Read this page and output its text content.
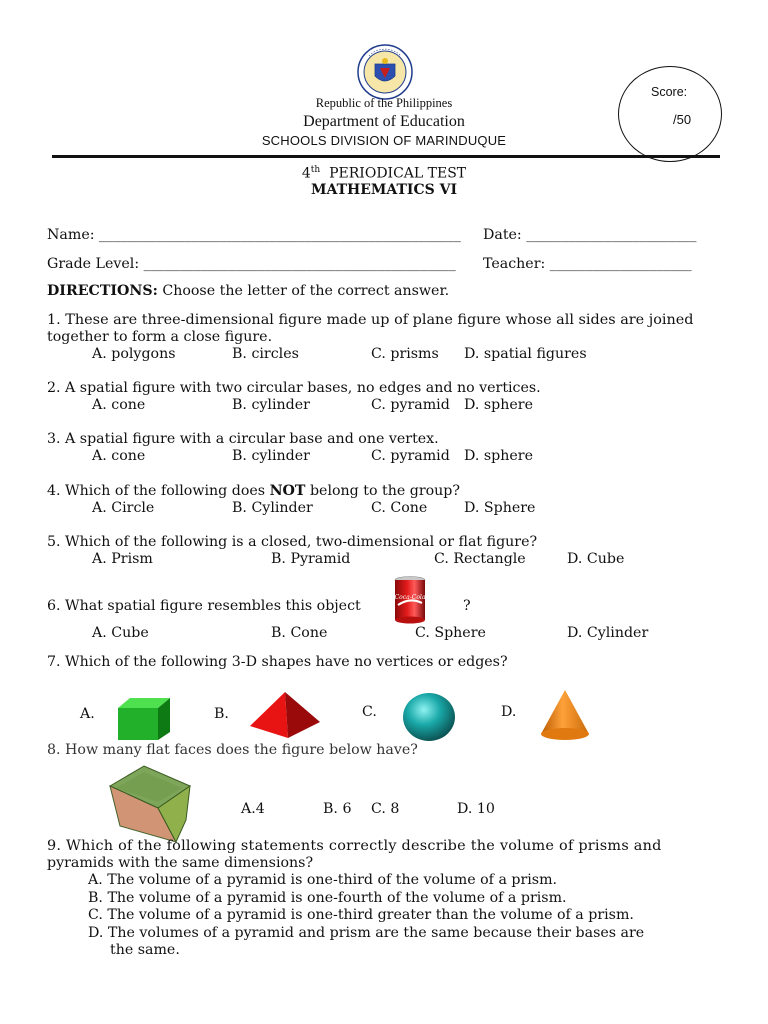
Republic of the Philippines
Department of Education
SCHOOLS DIVISION OF MARINDUQUE
Score:
/50
4th PERIODICAL TEST
MATHEMATICS VI
Name: ___________________________________________________ Date: ________________________
Grade Level: ____________________________________________ Teacher: ____________________
DIRECTIONS: Choose the letter of the correct answer.
1. These are three-dimensional figure made up of plane figure whose all sides are joined
together to form a close figure.
A. polygons	B. circles	C. prisms D. spatial figures
2. A spatial figure with two circular bases, no edges and no vertices.
A. cone	B. cylinder	C. pyramid D. sphere
3. A spatial figure with a circular base and one vertex.
A. cone	B. cylinder	C. pyramid D. sphere
4. Which of the following does NOT belong to the group?
A. Circle	B. Cylinder	C. Cone	D. Sphere
5. Which of the following is a closed, two-dimensional or flat figure?
A. Prism	B. Pyramid	C. Rectangle	D. Cube
6. What spatial figure resembles this object
Coca-Cola
?
A. Cube	B. Cone	C. Sphere	D. Cylinder
7. Which of the following 3-D shapes have no vertices or edges?
A.	B.	C.	D.
8. How many flat faces does the figure below have?
A.4	B. 6 C. 8	D. 10
9. Which of the following statements correctly describe the volume of prisms and
pyramids with the same dimensions?
A. The volume of a pyramid is one-third of the volume of a prism.
B. The volume of a pyramid is one-fourth of the volume of a prism.
C. The volume of a pyramid is one-third greater than the volume of a prism.
D. The volumes of a pyramid and prism are the same because their bases are
the same.
